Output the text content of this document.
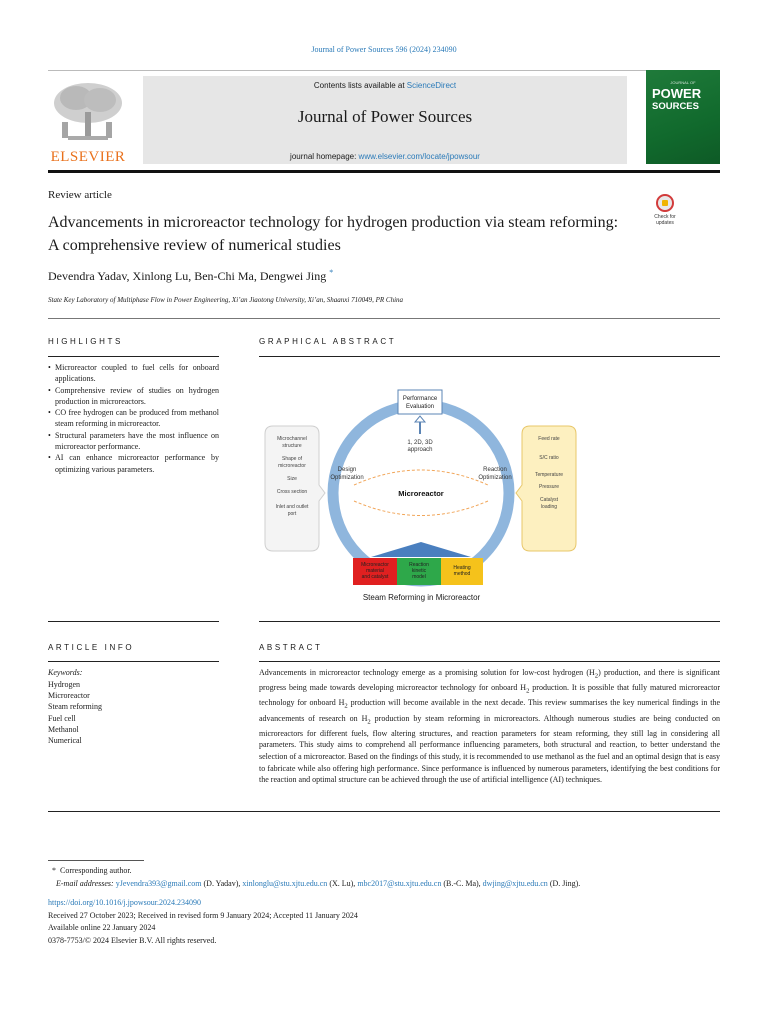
Journal of Power Sources 596 (2024) 234090
ELSEVIER
Contents lists available at ScienceDirect
Journal of Power Sources
journal homepage: www.elsevier.com/locate/jpowsour
JOURNAL OF
POWER
SOURCES
Review article
Advancements in microreactor technology for hydrogen production via steam reforming: A comprehensive review of numerical studies
Check for updates
Devendra Yadav, Xinlong Lu, Ben-Chi Ma, Dengwei Jing *
State Key Laboratory of Multiphase Flow in Power Engineering, Xi’an Jiaotong University, Xi’an, Shaanxi 710049, PR China
HIGHLIGHTS	GRAPHICAL ABSTRACT
• Microreactor coupled to fuel cells for onboard applications.
• Comprehensive review of studies on hydrogen production in microreactors.
• CO free hydrogen can be produced from methanol steam reforming in microreactor.
• Structural parameters have the most influence on microreactor performance.
• AI can enhance microreactor performance by optimizing various parameters.
Performance
Evaluation
1, 2D, 3D
approach
Design
Optimization
Reaction
Optimization
Microreactor
Microchannel
structure
Shape of
microreactor
Size
Cross section
Inlet and outlet
port
Feed rate
S/C ratio
Temperature
Pressure
Catalyst
loading
Microreactor
material
and catalyst
Reaction
kinetic
model
Heating
method
Steam Reforming in Microreactor
ARTICLE INFO	ABSTRACT
Keywords:
Hydrogen
Microreactor
Steam reforming
Fuel cell
Methanol
Numerical

Advancements in microreactor technology emerge as a promising solution for low-cost hydrogen $(H_2)$ production, and there is significant progress being made towards developing microreactor technology for onboard $H_2$ production. It is possible that fully matured microreactor technology for onboard $H_2$ production will become available in the next decade. This review summarises the key numerical findings in the advancements of research on $H_2$ production by steam reforming in microreactors. Although numerous studies are being conducted on microreactors for different fuels, flow altering structures, and reaction parameters for steam reforming, they still lag in considering all parameters. This study aims to comprehend all performance influencing parameters, both structural and reaction, to better understand the selection of a microreactor. Based on the findings of this study, it is recommended to use methanol as the fuel and an optimal design that is easy to fabricate while also offering high performance. Since performance is influenced by numerous parameters, identifying the best conditions for the reaction and optimal structure can be achieved through the use of artificial intelligence (AI) techniques.

* Corresponding author.
E-mail addresses: yJevendra393@gmail.com (D. Yadav), xinlonglu@stu.xjtu.edu.cn (X. Lu), mbc2017@stu.xjtu.edu.cn (B.-C. Ma), dwjing@xjtu.edu.cn (D. Jing).
https://doi.org/10.1016/j.jpowsour.2024.234090
Received 27 October 2023; Received in revised form 9 January 2024; Accepted 11 January 2024
Available online 22 January 2024
0378-7753/© 2024 Elsevier B.V. All rights reserved.
